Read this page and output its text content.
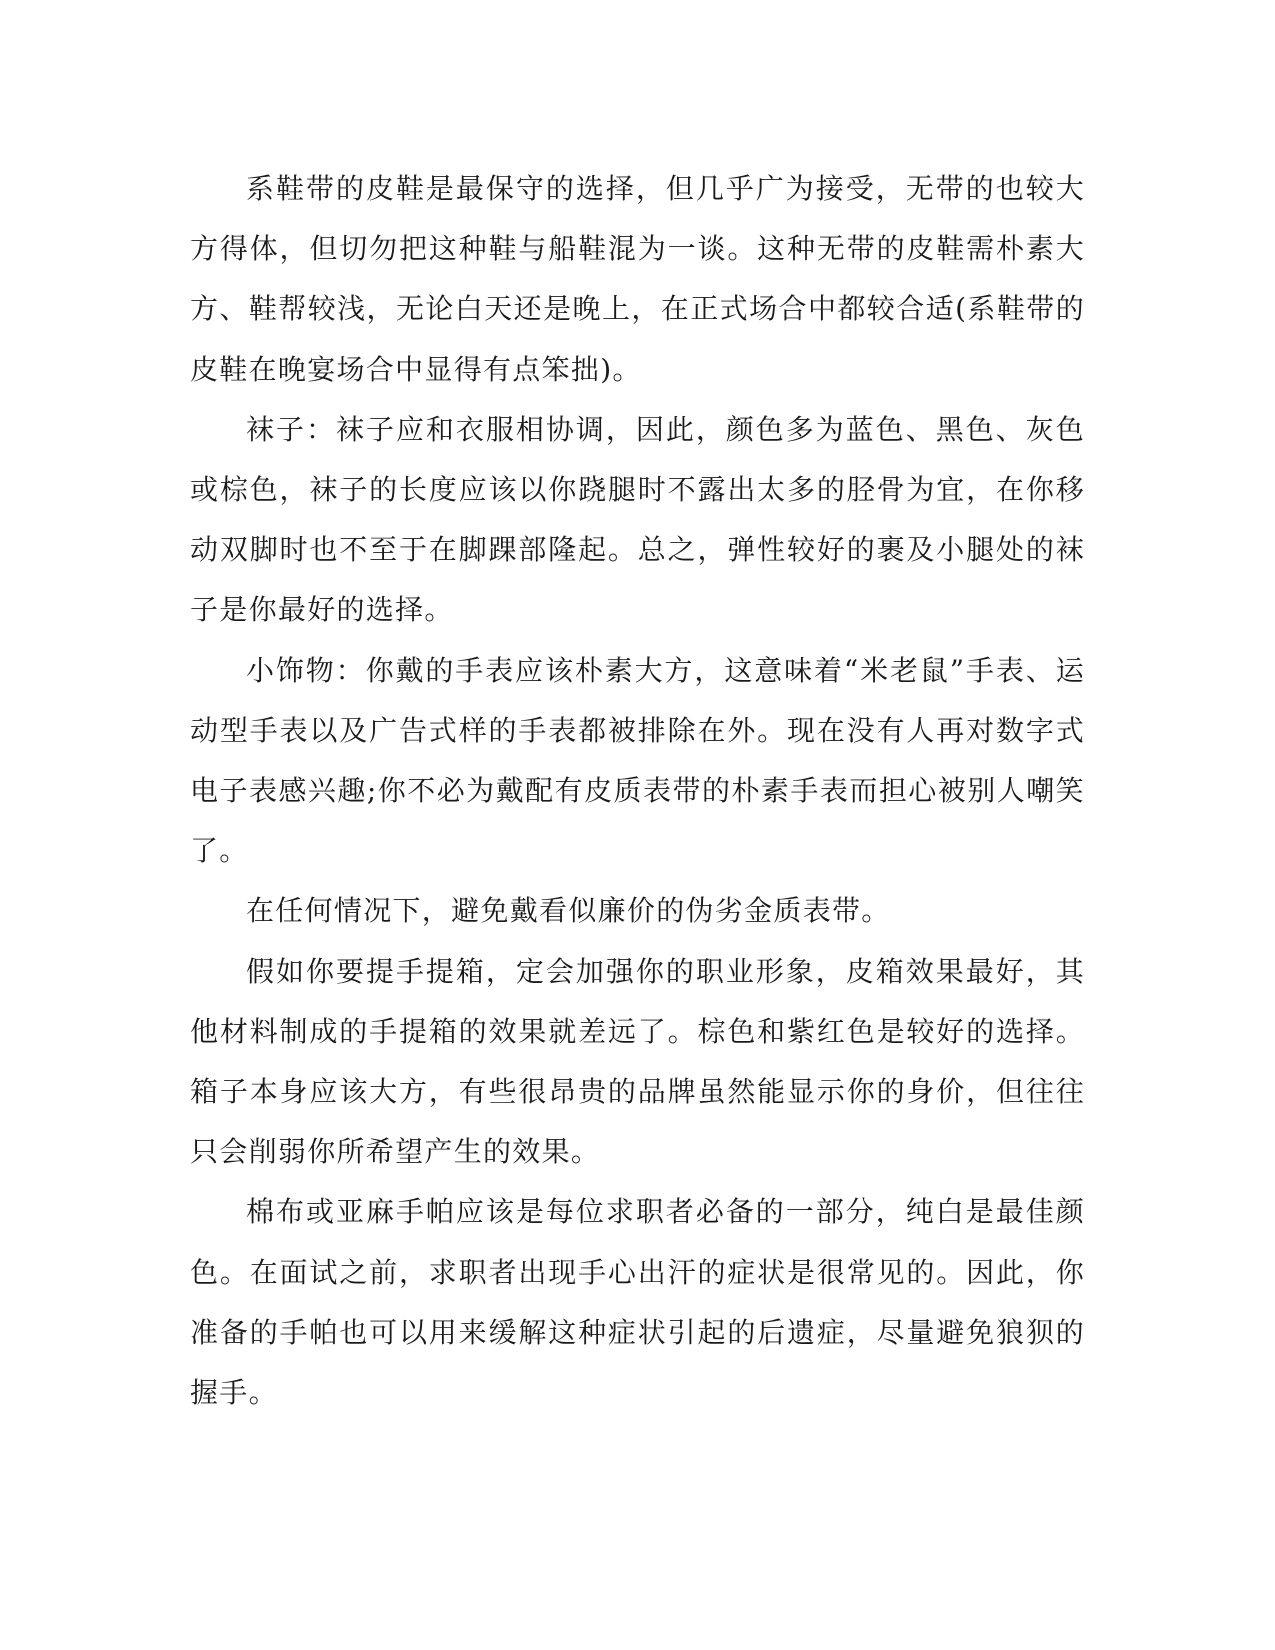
系鞋带的皮鞋是最保守的选择，但几乎广为接受，无带的也较大方得体，但切勿把这种鞋与船鞋混为一谈。这种无带的皮鞋需朴素大方、鞋帮较浅，无论白天还是晚上，在正式场合中都较合适(系鞋带的皮鞋在晚宴场合中显得有点笨拙)。

袜子：袜子应和衣服相协调，因此，颜色多为蓝色、黑色、灰色或棕色，袜子的长度应该以你跷腿时不露出太多的胫骨为宜，在你移动双脚时也不至于在脚踝部隆起。总之，弹性较好的裹及小腿处的袜子是你最好的选择。

小饰物：你戴的手表应该朴素大方，这意味着“米老鼠”手表、运动型手表以及广告式样的手表都被排除在外。现在没有人再对数字式电子表感兴趣;你不必为戴配有皮质表带的朴素手表而担心被别人嘲笑了。

在任何情况下，避免戴看似廉价的伪劣金质表带。

假如你要提手提箱，定会加强你的职业形象，皮箱效果最好，其他材料制成的手提箱的效果就差远了。棕色和紫红色是较好的选择。箱子本身应该大方，有些很昂贵的品牌虽然能显示你的身价，但往往只会削弱你所希望产生的效果。

棉布或亚麻手帕应该是每位求职者必备的一部分，纯白是最佳颜色。在面试之前，求职者出现手心出汗的症状是很常见的。因此，你准备的手帕也可以用来缓解这种症状引起的后遗症，尽量避免狼狈的握手。
